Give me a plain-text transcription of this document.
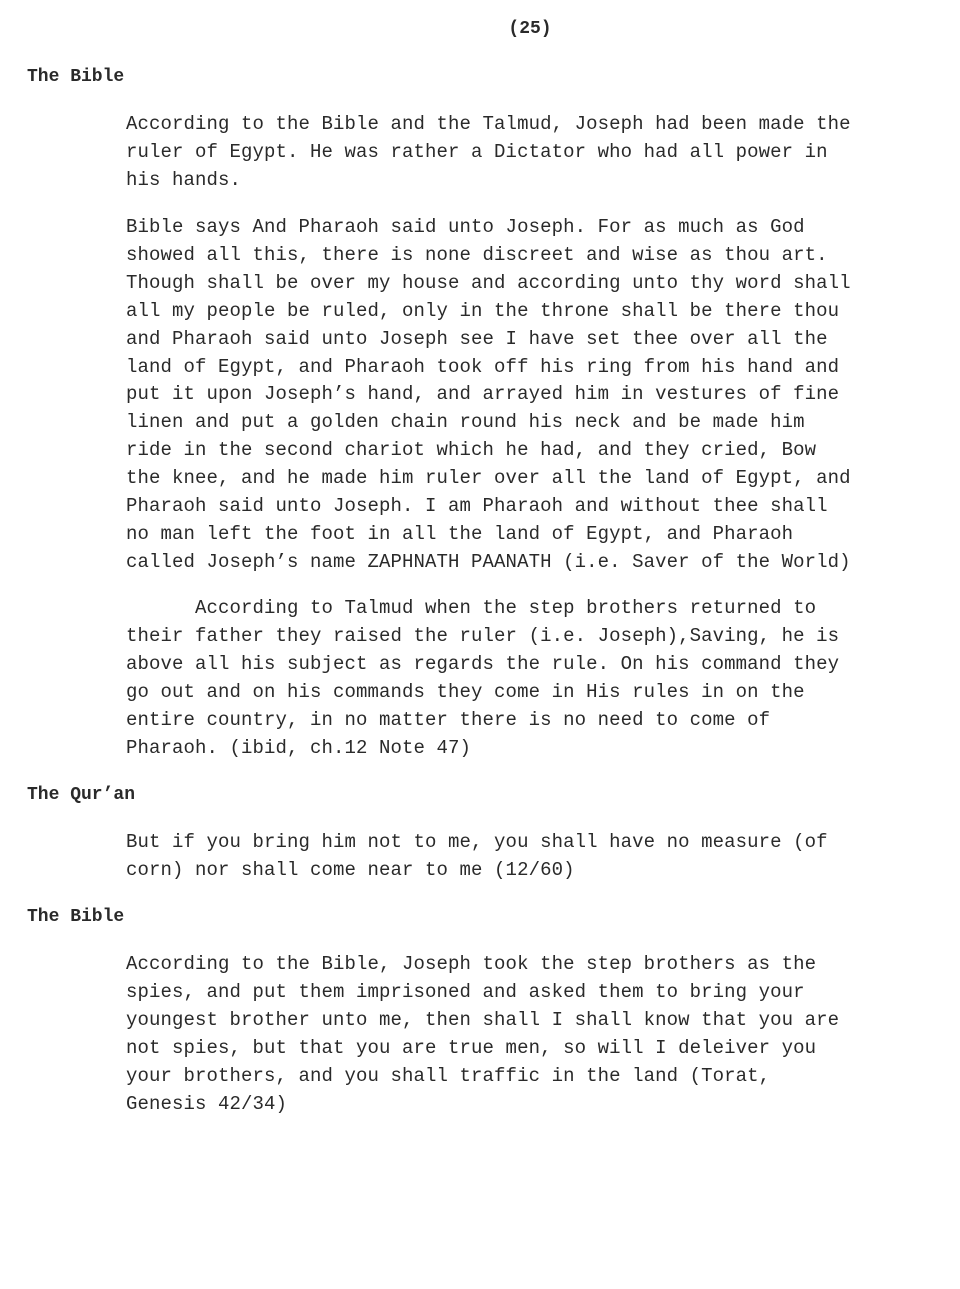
(25)
The Bible

According to the Bible and the Talmud, Joseph had been made the
ruler of Egypt. He was rather a Dictator who had all power in
his hands.

Bible says And Pharaoh said unto Joseph. For as much as God
showed all this, there is none discreet and wise as thou art.
Though shall be over my house and according unto thy word shall
all my people be ruled, only in the throne shall be there thou
and Pharaoh said unto Joseph see I have set thee over all the
land of Egypt, and Pharaoh took off his ring from his hand and
put it upon Joseph’s hand, and arrayed him in vestures of fine
linen and put a golden chain round his neck and be made him
ride in the second chariot which he had, and they cried, Bow
the knee, and he made him ruler over all the land of Egypt, and
Pharaoh said unto Joseph. I am Pharaoh and without thee shall
no man left the foot in all the land of Egypt, and Pharaoh
called Joseph’s name ZAPHNATH PAANATH (i.e. Saver of the World)

According to Talmud when the step brothers returned to
their father they raised the ruler (i.e. Joseph),Saving, he is
above all his subject as regards the rule. On his command they
go out and on his commands they come in His rules in on the
entire country, in no matter there is no need to come of
Pharaoh. (ibid, ch.12 Note 47)

The Qur’an

But if you bring him not to me, you shall have no measure (of
corn) nor shall come near to me (12/60)

The Bible

According to the Bible, Joseph took the step brothers as the
spies, and put them imprisoned and asked them to bring your
youngest brother unto me, then shall I shall know that you are
not spies, but that you are true men, so will I deleiver you
your brothers, and you shall traffic in the land (Torat,
Genesis 42/34)
